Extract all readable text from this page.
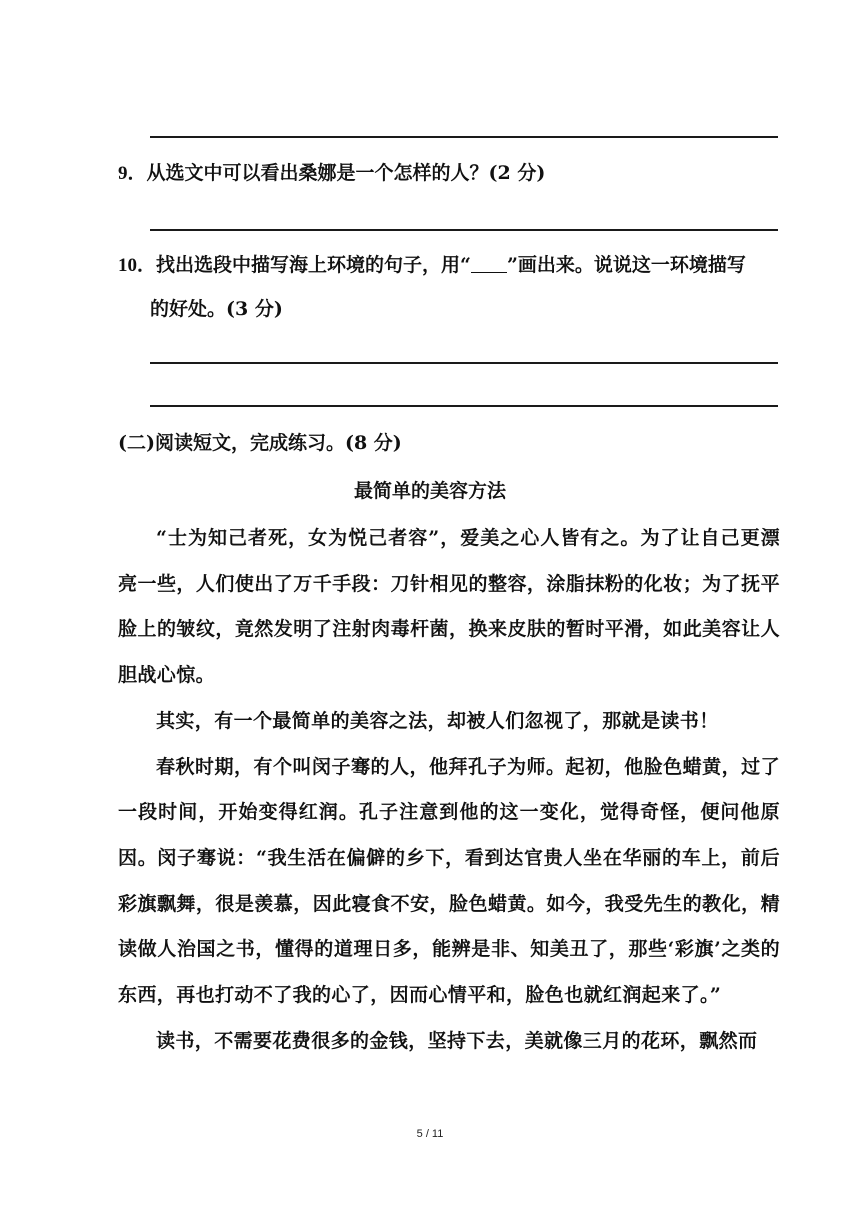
9．从选文中可以看出桑娜是一个怎样的人？(2 分)
10．找出选段中描写海上环境的句子，用“ ”画出来。说说这一环境描写
的好处。(3 分)
(二)阅读短文，完成练习。(8 分)
最简单的美容方法

“士为知己者死，女为悦己者容”，爱美之心人皆有之。为了让自己更漂亮一些，人们使出了万千手段：刀针相见的整容，涂脂抹粉的化妆；为了抚平脸上的皱纹，竟然发明了注射肉毒杆菌，换来皮肤的暂时平滑，如此美容让人胆战心惊。

其实，有一个最简单的美容之法，却被人们忽视了，那就是读书！

春秋时期，有个叫闵子骞的人，他拜孔子为师。起初，他脸色蜡黄，过了一段时间，开始变得红润。孔子注意到他的这一变化，觉得奇怪，便问他原因。闵子骞说：“我生活在偏僻的乡下，看到达官贵人坐在华丽的车上，前后彩旗飘舞，很是羡慕，因此寝食不安，脸色蜡黄。如今，我受先生的教化，精读做人治国之书，懂得的道理日多，能辨是非、知美丑了，那些‘彩旗’之类的东西，再也打动不了我的心了，因而心情平和，脸色也就红润起来了。”

读书，不需要花费很多的金钱，坚持下去，美就像三月的花环，飘然而

5 / 11
